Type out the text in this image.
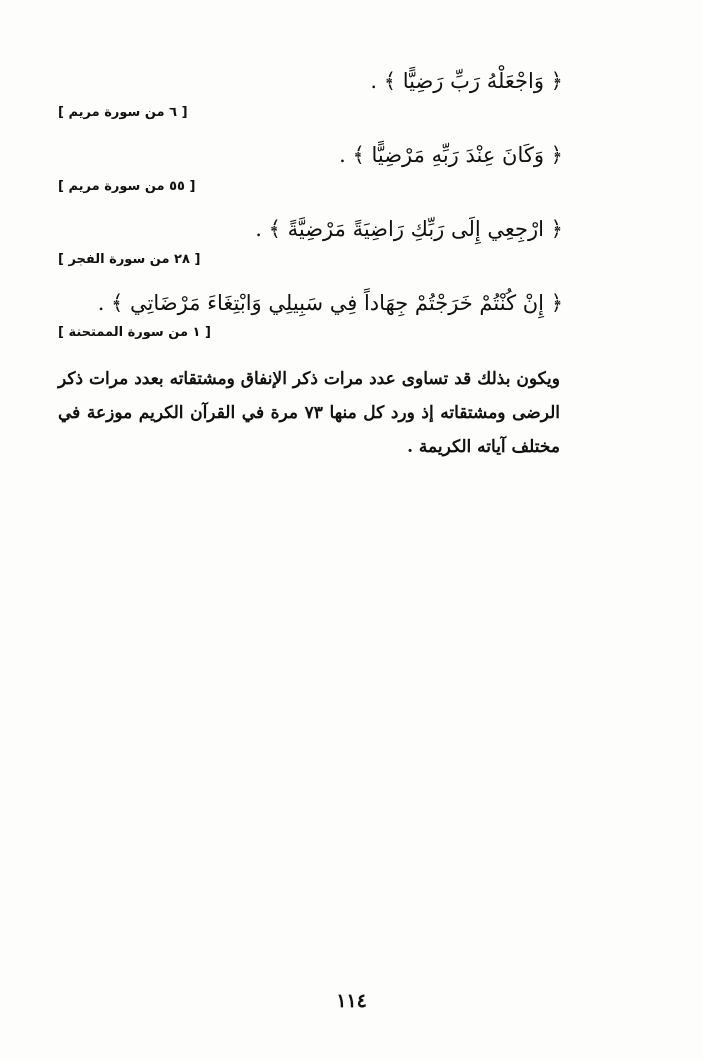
﴿ وَاجْعَلْهُ رَبِّ رَضِيًّا ﴾ .
[ ٦ من سورة مريم ]
﴿ وَكَانَ عِنْدَ رَبِّهِ مَرْضِيًّا ﴾ .
[ ٥٥ من سورة مريم ]
﴿ ارْجِعِي إِلَى رَبِّكِ رَاضِيَةً مَرْضِيَّةً ﴾ .
[ ٢٨ من سورة الفجر ]
﴿ إِنْ كُنْتُمْ خَرَجْتُمْ جِهَاداً فِي سَبِيلِي وَابْتِغَاءَ مَرْضَاتِي ﴾ .
[ ١ من سورة الممتحنة ]
ويكون بذلك قد تساوى عدد مرات ذكر الإنفاق ومشتقاته بعدد مرات ذكر الرضى ومشتقاته إذ ورد كل منها ٧٣ مرة في القرآن الكريم موزعة في مختلف آياته الكريمة .
١١٤
